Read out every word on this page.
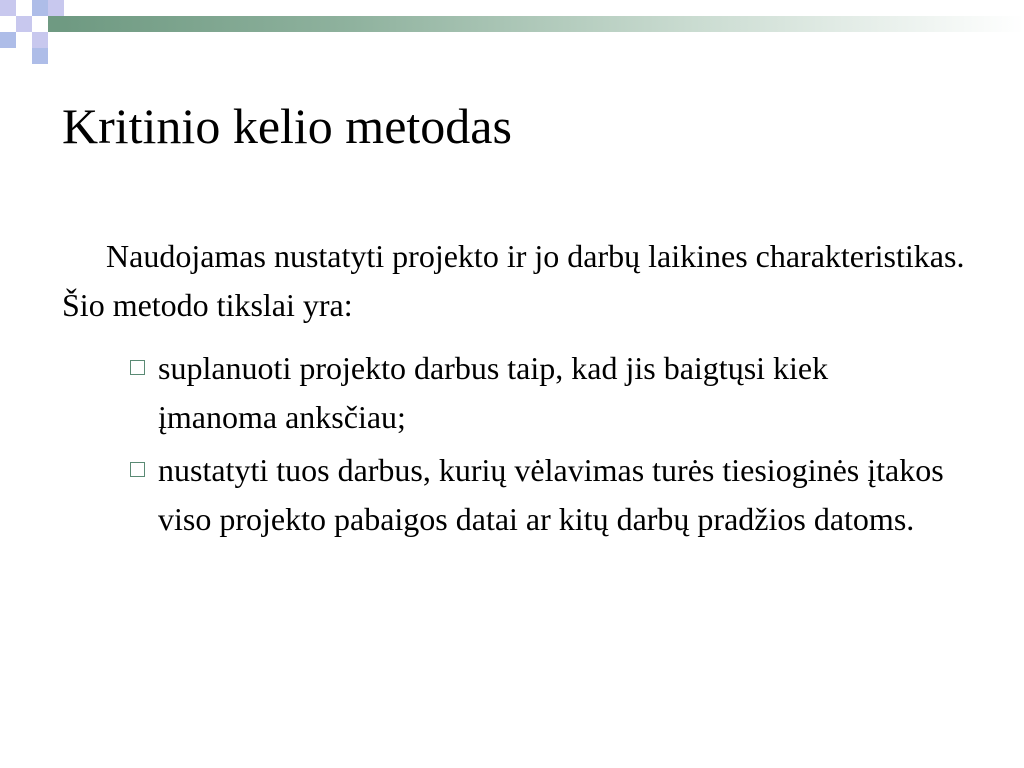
Kritinio kelio metodas

Naudojamas nustatyti projekto ir jo darbų laikines charakteristikas. Šio metodo tikslai yra:

suplanuoti projekto darbus taip, kad jis baigtųsi kiek įmanoma anksčiau;
nustatyti tuos darbus, kurių vėlavimas turės tiesioginės įtakos viso projekto pabaigos datai ar kitų darbų pradžios datoms.
